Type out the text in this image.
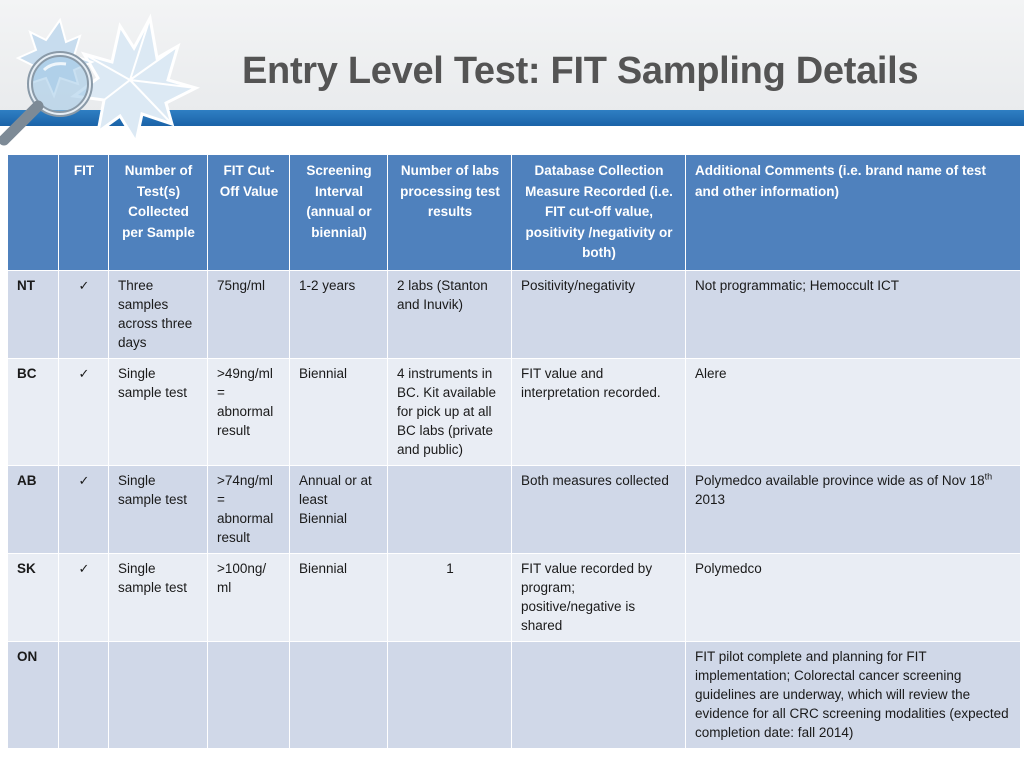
Entry Level Test: FIT Sampling Details
	FIT	Number of Test(s) Collected per Sample	FIT Cut-Off Value	Screening Interval (annual or biennial)	Number of labs processing test results	Database Collection Measure Recorded (i.e. FIT cut-off value, positivity /negativity or both)	Additional Comments (i.e. brand name of test and other information)
NT	✓	Three samples across three days	75ng/ml	1-2 years	2 labs (Stanton and Inuvik)	Positivity/negativity	Not programmatic; Hemoccult ICT
BC	✓	Single sample test	>49ng/ml = abnormal result	Biennial	4 instruments in BC. Kit available for pick up at all BC labs (private and public)	FIT value and interpretation recorded.	Alere
AB	✓	Single sample test	>74ng/ml = abnormal result	Annual or at least Biennial		Both measures collected	Polymedco available province wide as of Nov 18th 2013
SK	✓	Single sample test	>100ng/ ml	Biennial	1	FIT value recorded by program; positive/negative is shared	Polymedco
ON							FIT pilot complete and planning for FIT implementation; Colorectal cancer screening guidelines are underway, which will review the evidence for all CRC screening modalities (expected completion date: fall 2014)
